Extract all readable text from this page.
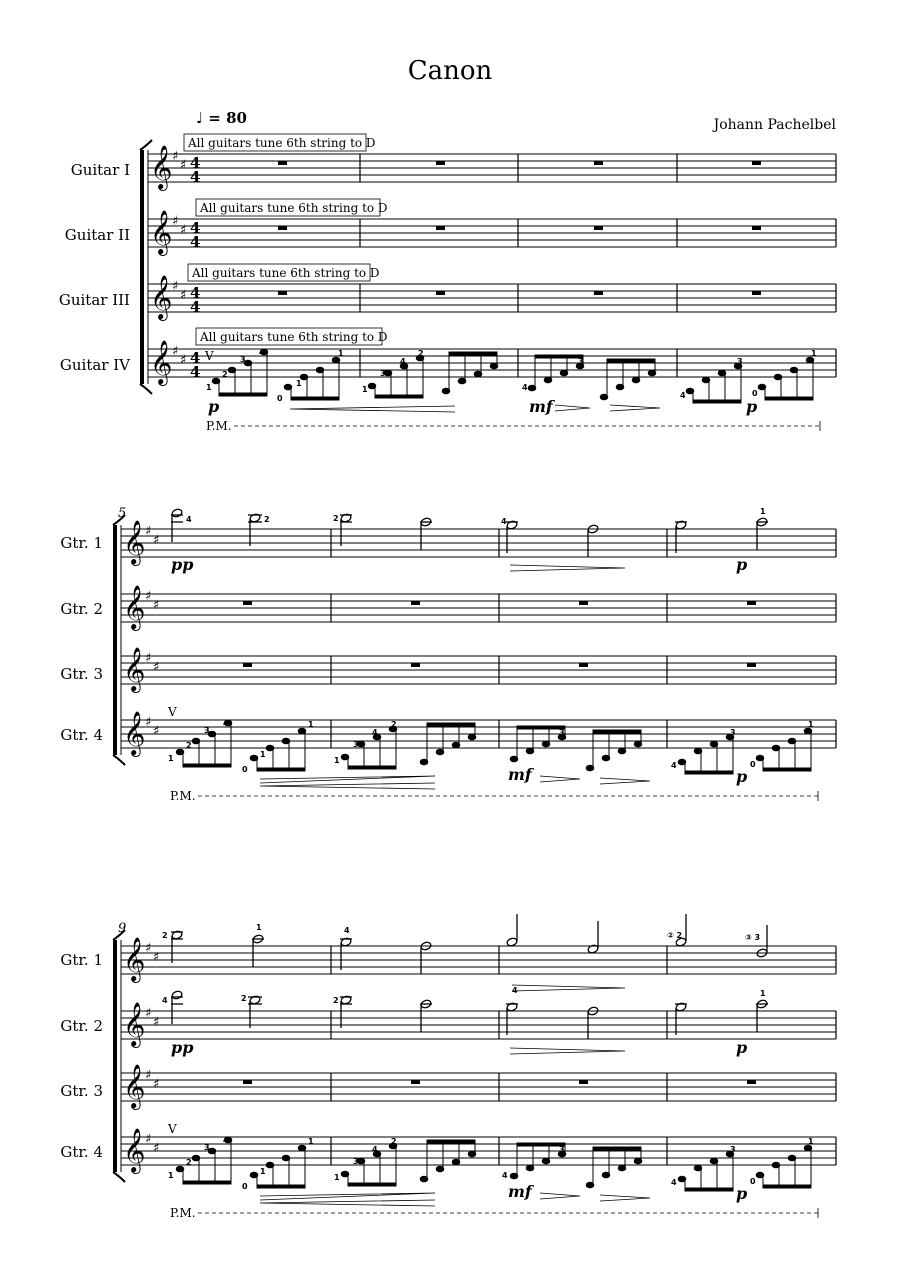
Canon
Johann Pachelbel
♩ = 80
Guitar I
Guitar II
Guitar III
Guitar IV
𝄞
𝄞
𝄞
𝄞
♯
♯
♯
♯
♯
♯
♯
♯
4
4
4
4
4
4
4
4
All guitars tune 6th string to D
All guitars tune 6th string to D
All guitars tune 6th string to D
All guitars tune 6th string to D
V
1
2
3
4
0
1
1
1
3
4
2
4
3
4
3
0
1
p	mf	p
P.M.
5
Gtr. 1
Gtr. 2
Gtr. 3
Gtr. 4
𝄞
𝄞
𝄞
𝄞
♯
♯
♯
♯
♯
♯
♯
♯
4	2	2	4
1
pp	p
V
1
2
3
4
0
1
1
1
3
4
2
3
4
3
0
1
mf	p
P.M.
9
Gtr. 1
Gtr. 2
Gtr. 3
Gtr. 4
𝄞
𝄞
𝄞
𝄞
♯
♯
♯
♯
♯
♯
♯
♯
2
1	4
② 2	③ 3
4	2	2
4	1
pp	p
V
1
2
3
4
0
1
1
1
3
4
2
4
3
4
3
0
1
mf	p
P.M.
